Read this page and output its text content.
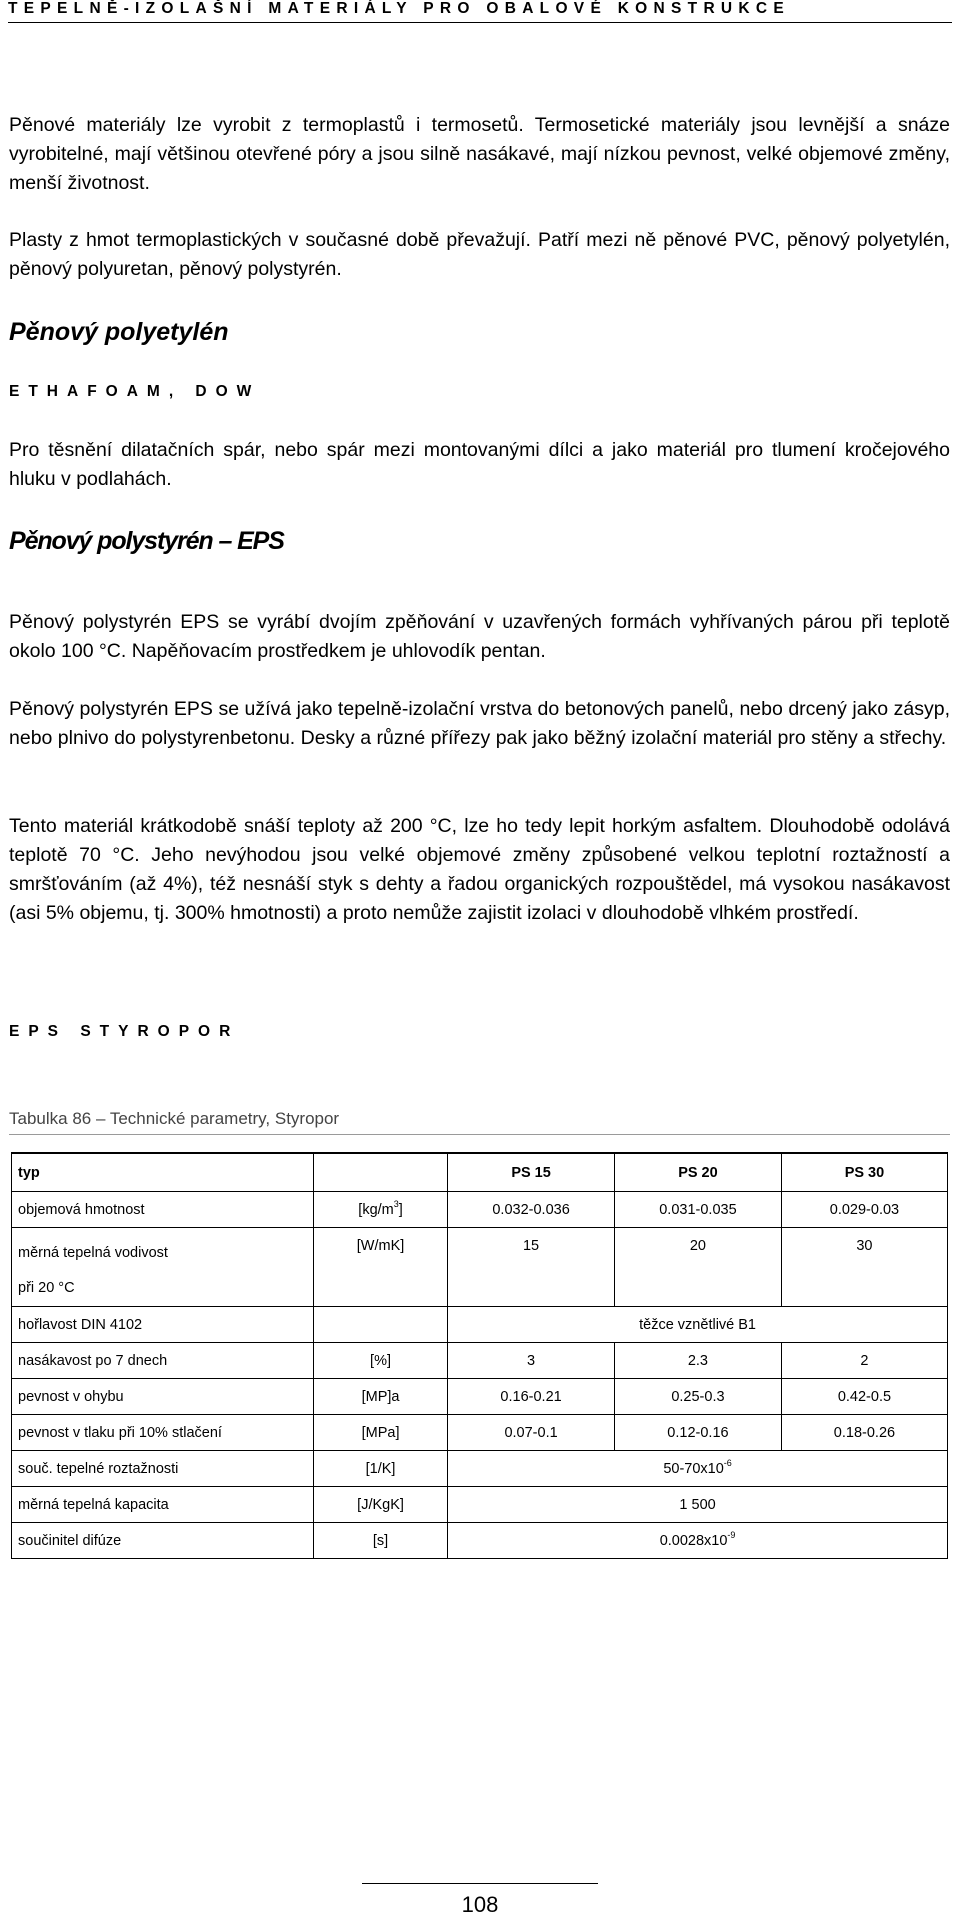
TEPELNĚ-IZOLAŠNÍ MATERIÁLY PRO OBALOVÉ KONSTRUKCE

Pěnové materiály lze vyrobit z termoplastů i termosetů. Termosetické materiály jsou levnější a snáze vyrobitelné, mají většinou otevřené póry a jsou silně nasákavé, mají nízkou pevnost, velké objemové změny, menší životnost.

Plasty z hmot termoplastických v současné době převažují. Patří mezi ně pěnové PVC, pěnový polyetylén, pěnový polyuretan, pěnový polystyrén.

Pěnový polyetylén
ETHAFOAM, DOW

Pro těsnění dilatačních spár, nebo spár mezi montovanými dílci a jako materiál pro tlumení kročejového hluku v podlahách.

Pěnový polystyrén – EPS

Pěnový polystyrén EPS se vyrábí dvojím zpěňování v uzavřených formách vyhřívaných párou při teplotě okolo 100 °C. Napěňovacím prostředkem je uhlovodík pentan.

Pěnový polystyrén EPS se užívá jako tepelně-izolační vrstva do betonových panelů, nebo drcený jako zásyp, nebo plnivo do polystyrenbetonu. Desky a různé přířezy pak jako běžný izolační materiál pro stěny a střechy.

Tento materiál krátkodobě snáší teploty až 200 °C, lze ho tedy lepit horkým asfaltem. Dlouhodobě odolává teplotě 70 °C. Jeho nevýhodou jsou velké objemové změny způsobené velkou teplotní roztažností a smršťováním (až 4%), též nesnáší styk s dehty a řadou organických rozpouštědel, má vysokou nasákavost (asi 5% objemu, tj. 300% hmotnosti) a proto nemůže zajistit izolaci v dlouhodobě vlhkém prostředí.

EPS STYROPOR

Tabulka 86 – Technické parametry, Styropor

typ		PS 15	PS 20	PS 30
objemová hmotnost	$[kg/m^3]$	0.032-0.036	0.031-0.035	0.029-0.03
měrná tepelná vodivost
při 20 °C	[W/mK]	15	20	30
hořlavost DIN 4102		těžce vznětlivé B1		
nasákavost po 7 dnech	[%]	3	2.3	2
pevnost v ohybu	[MP]a	0.16-0.21	0.25-0.3	0.42-0.5
pevnost v tlaku při 10% stlačení	[MPa]	0.07-0.1	0.12-0.16	0.18-0.26
souč. tepelné roztažnosti	[1/K]	$50-70x10^{-6}$
měrná tepelná kapacita	[J/KgK]	1 500		
součinitel difúze	[s]	$0.0028x10^{-9}$

108
